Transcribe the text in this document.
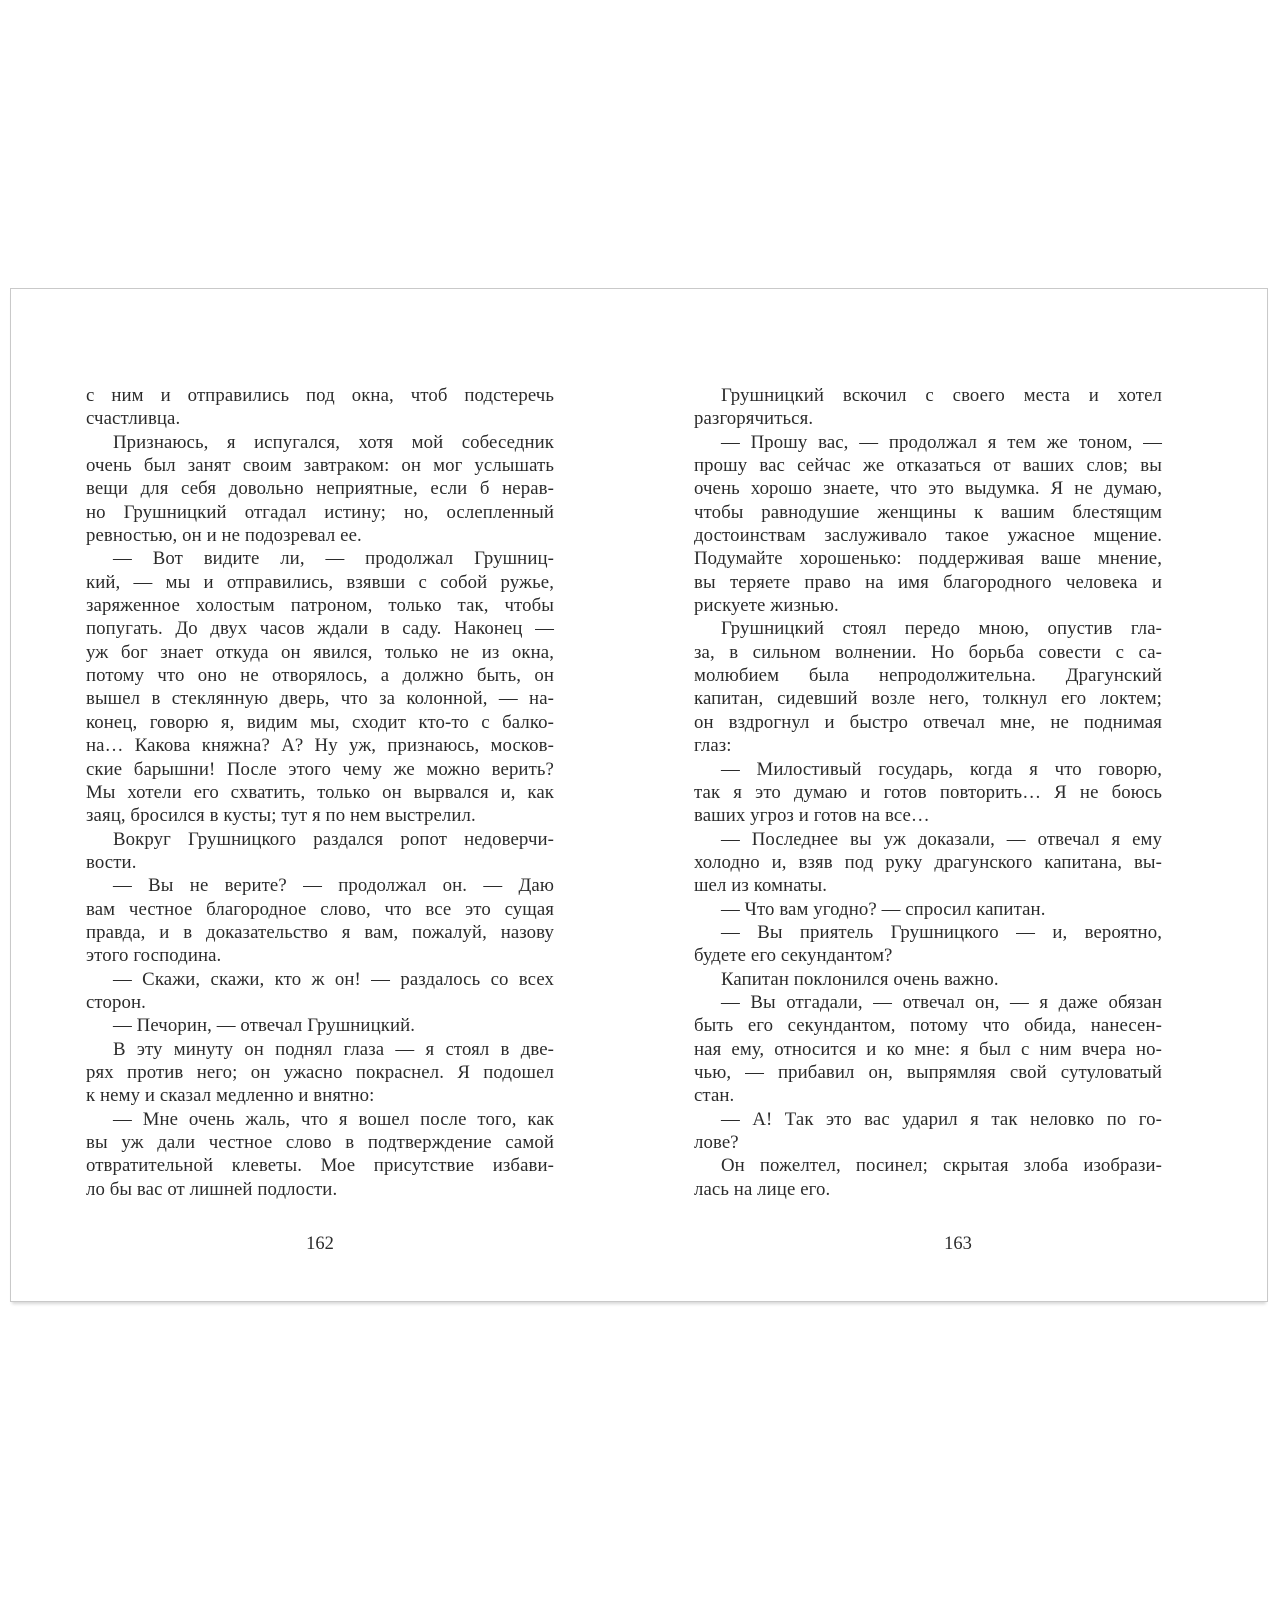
с ним и отправились под окна, чтоб подстеречь
счастливца.
Признаюсь, я испугался, хотя мой собеседник
очень был занят своим завтраком: он мог услышать
вещи для себя довольно неприятные, если б нерав-
но Грушницкий отгадал истину; но, ослепленный
ревностью, он и не подозревал ее.
— Вот видите ли, — продолжал Грушниц-
кий, — мы и отправились, взявши с собой ружье,
заряженное холостым патроном, только так, чтобы
попугать. До двух часов ждали в саду. Наконец —
уж бог знает откуда он явился, только не из окна,
потому что оно не отворялось, а должно быть, он
вышел в стеклянную дверь, что за колонной, — на-
конец, говорю я, видим мы, сходит кто-то с балко-
на… Какова княжна? А? Ну уж, признаюсь, москов-
ские барышни! После этого чему же можно верить?
Мы хотели его схватить, только он вырвался и, как
заяц, бросился в кусты; тут я по нем выстрелил.
Вокруг Грушницкого раздался ропот недоверчи-
вости.
— Вы не верите? — продолжал он. — Даю
вам честное благородное слово, что все это сущая
правда, и в доказательство я вам, пожалуй, назову
этого господина.
— Скажи, скажи, кто ж он! — раздалось со всех
сторон.
— Печорин, — отвечал Грушницкий.
В эту минуту он поднял глаза — я стоял в две-
рях против него; он ужасно покраснел. Я подошел
к нему и сказал медленно и внятно:
— Мне очень жаль, что я вошел после того, как
вы уж дали честное слово в подтверждение самой
отвратительной клеветы. Мое присутствие избави-
ло бы вас от лишней подлости.
Грушницкий вскочил с своего места и хотел
разгорячиться.
— Прошу вас, — продолжал я тем же тоном, —
прошу вас сейчас же отказаться от ваших слов; вы
очень хорошо знаете, что это выдумка. Я не думаю,
чтобы равнодушие женщины к вашим блестящим
достоинствам заслуживало такое ужасное мщение.
Подумайте хорошенько: поддерживая ваше мнение,
вы теряете право на имя благородного человека и
рискуете жизнью.
Грушницкий стоял передо мною, опустив гла-
за, в сильном волнении. Но борьба совести с са-
молюбием была непродолжительна. Драгунский
капитан, сидевший возле него, толкнул его локтем;
он вздрогнул и быстро отвечал мне, не поднимая
глаз:
— Милостивый государь, когда я что говорю,
так я это думаю и готов повторить… Я не боюсь
ваших угроз и готов на все…
— Последнее вы уж доказали, — отвечал я ему
холодно и, взяв под руку драгунского капитана, вы-
шел из комнаты.
— Что вам угодно? — спросил капитан.
— Вы приятель Грушницкого — и, вероятно,
будете его секундантом?
Капитан поклонился очень важно.
— Вы отгадали, — отвечал он, — я даже обязан
быть его секундантом, потому что обида, нанесен-
ная ему, относится и ко мне: я был с ним вчера но-
чью, — прибавил он, выпрямляя свой сутуловатый
стан.
— А! Так это вас ударил я так неловко по го-
лове?
Он пожелтел, посинел; скрытая злоба изобрази-
лась на лице его.
162	163
